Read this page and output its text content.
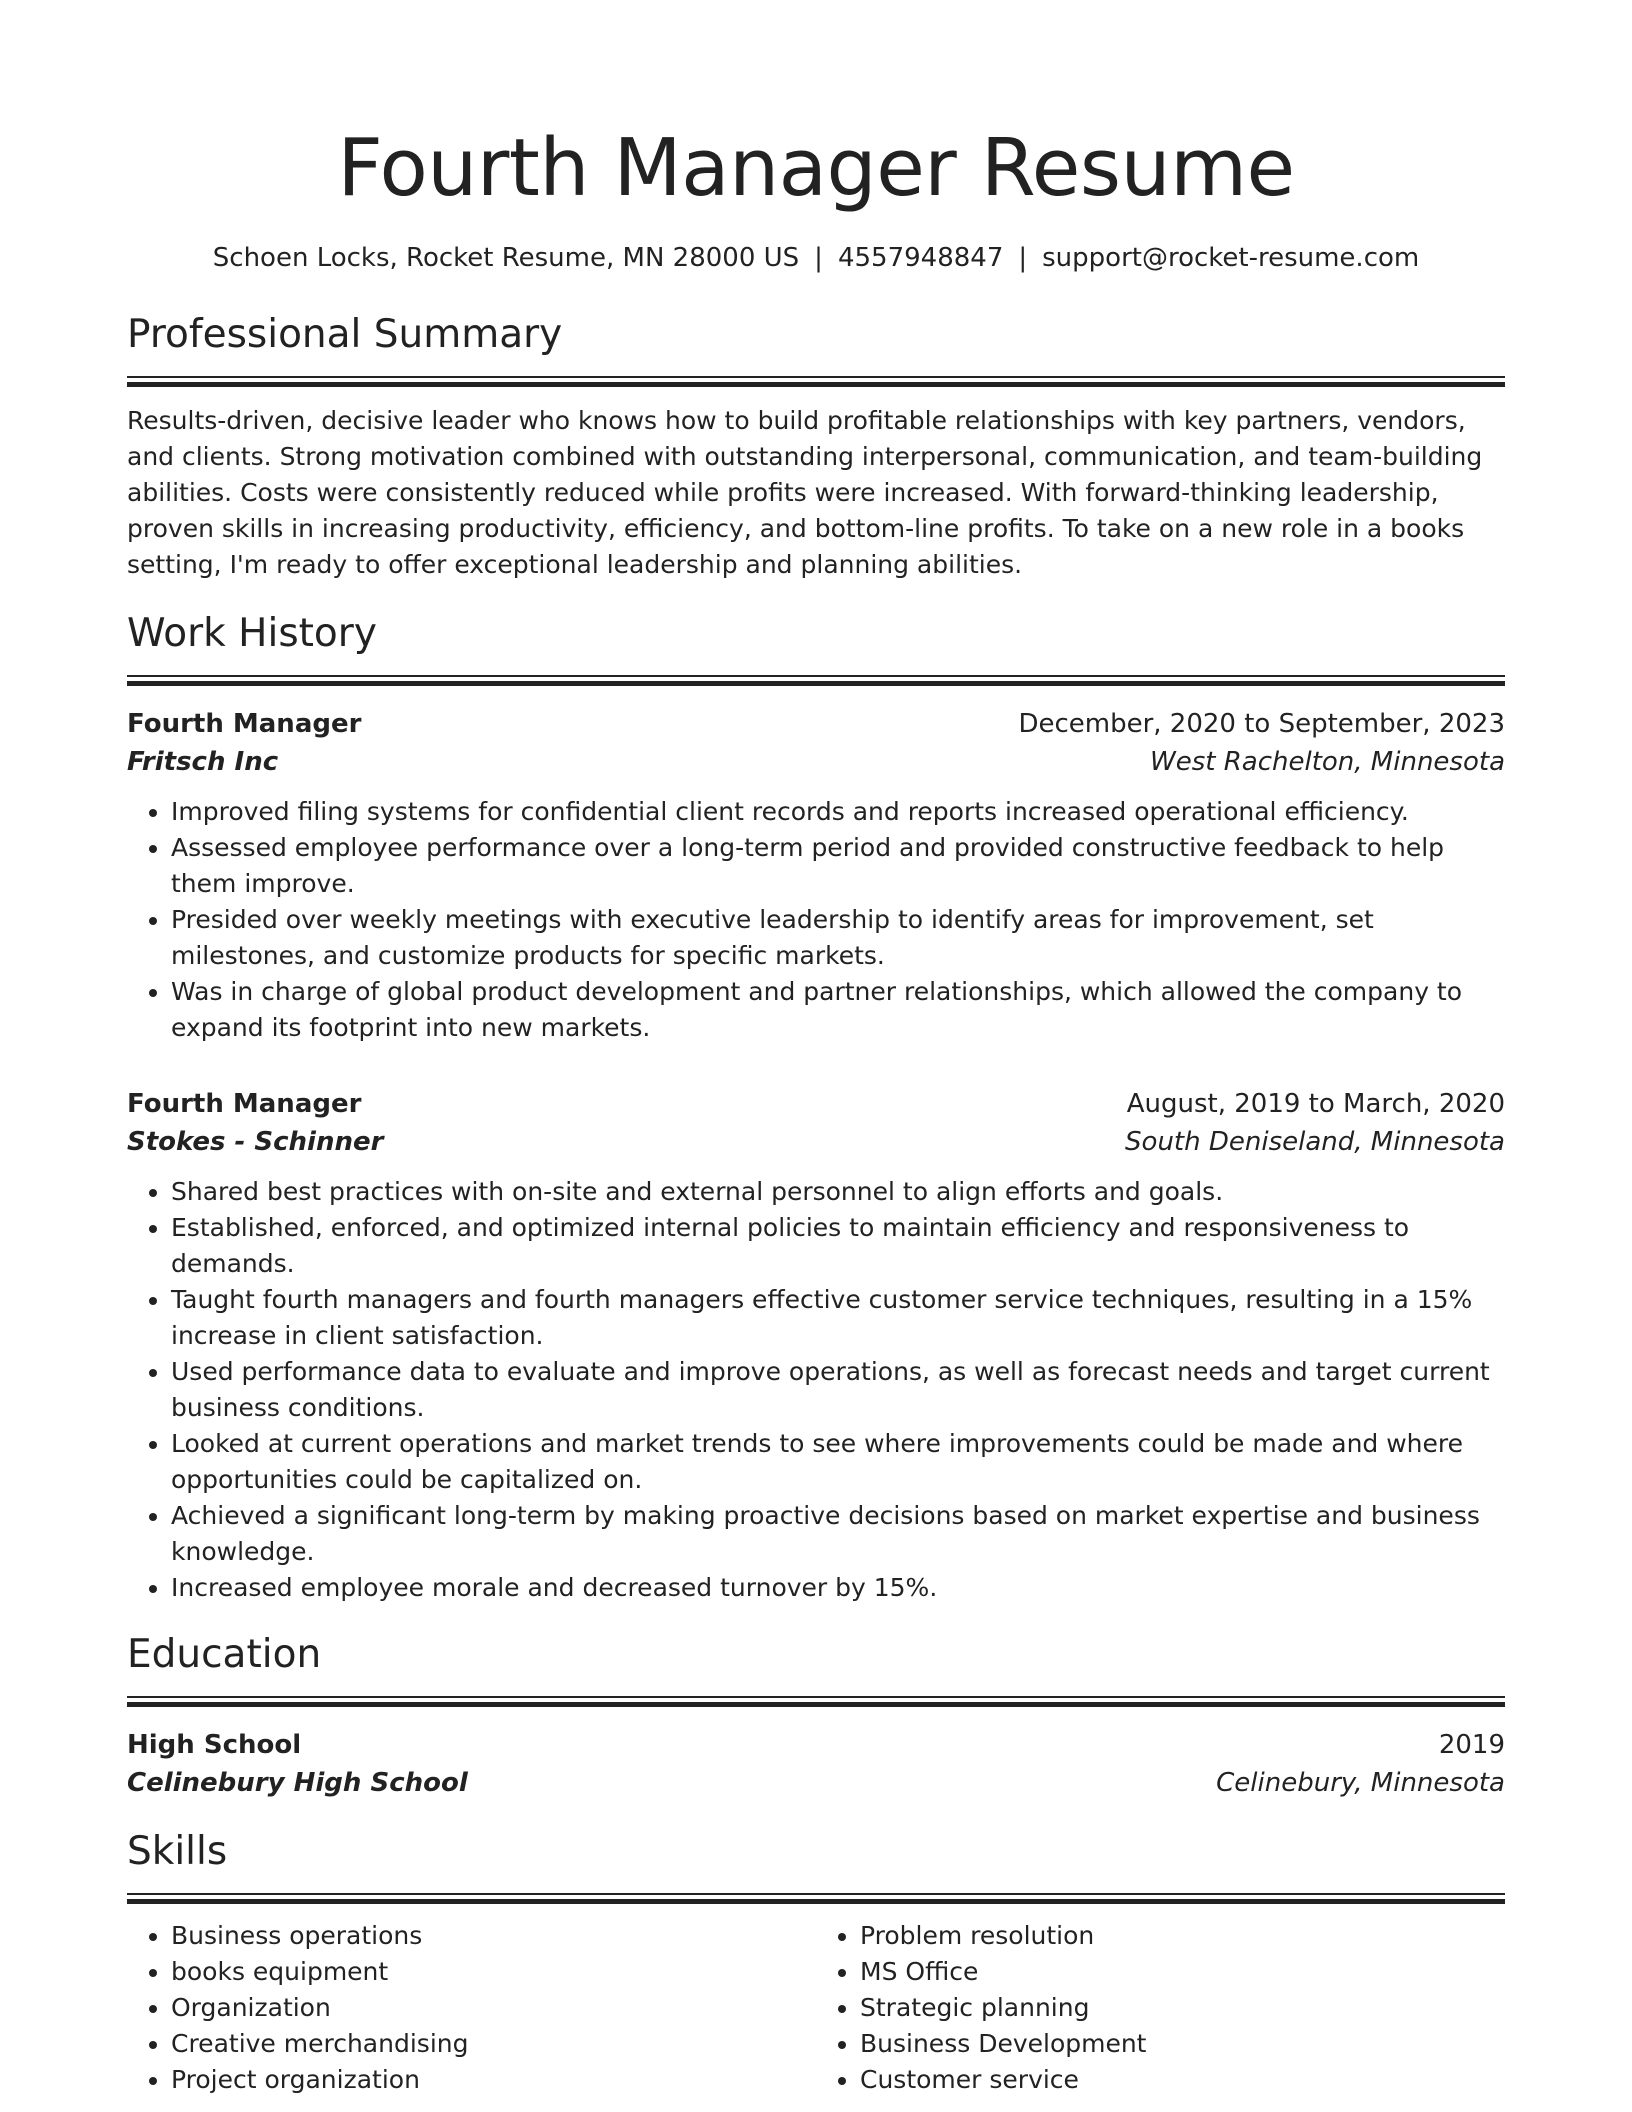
Fourth Manager Resume
Schoen Locks, Rocket Resume, MN 28000 US | 4557948847 | support@rocket-resume.com
Professional Summary

Results-driven, decisive leader who knows how to build profitable relationships with key partners, vendors, and clients. Strong motivation combined with outstanding interpersonal, communication, and team-building abilities. Costs were consistently reduced while profits were increased. With forward-thinking leadership, proven skills in increasing productivity, efficiency, and bottom-line profits. To take on a new role in a books setting, I'm ready to offer exceptional leadership and planning abilities.

Work History
Fourth Manager	December, 2020 to September, 2023
Fritsch Inc	West Rachelton, Minnesota
• Improved filing systems for confidential client records and reports increased operational efficiency.
• Assessed employee performance over a long-term period and provided constructive feedback to help them improve.
• Presided over weekly meetings with executive leadership to identify areas for improvement, set milestones, and customize products for specific markets.
• Was in charge of global product development and partner relationships, which allowed the company to expand its footprint into new markets.
Fourth Manager	August, 2019 to March, 2020
Stokes - Schinner	South Deniseland, Minnesota
• Shared best practices with on-site and external personnel to align efforts and goals.
• Established, enforced, and optimized internal policies to maintain efficiency and responsiveness to demands.
• Taught fourth managers and fourth managers effective customer service techniques, resulting in a 15% increase in client satisfaction.
• Used performance data to evaluate and improve operations, as well as forecast needs and target current business conditions.
• Looked at current operations and market trends to see where improvements could be made and where opportunities could be capitalized on.
• Achieved a significant long-term by making proactive decisions based on market expertise and business knowledge.
• Increased employee morale and decreased turnover by 15%.
Education
High School	2019
Celinebury High School	Celinebury, Minnesota
Skills
• Business operations
• books equipment
• Organization
• Creative merchandising
• Project organization
• Problem resolution
• MS Office
• Strategic planning
• Business Development
• Customer service
